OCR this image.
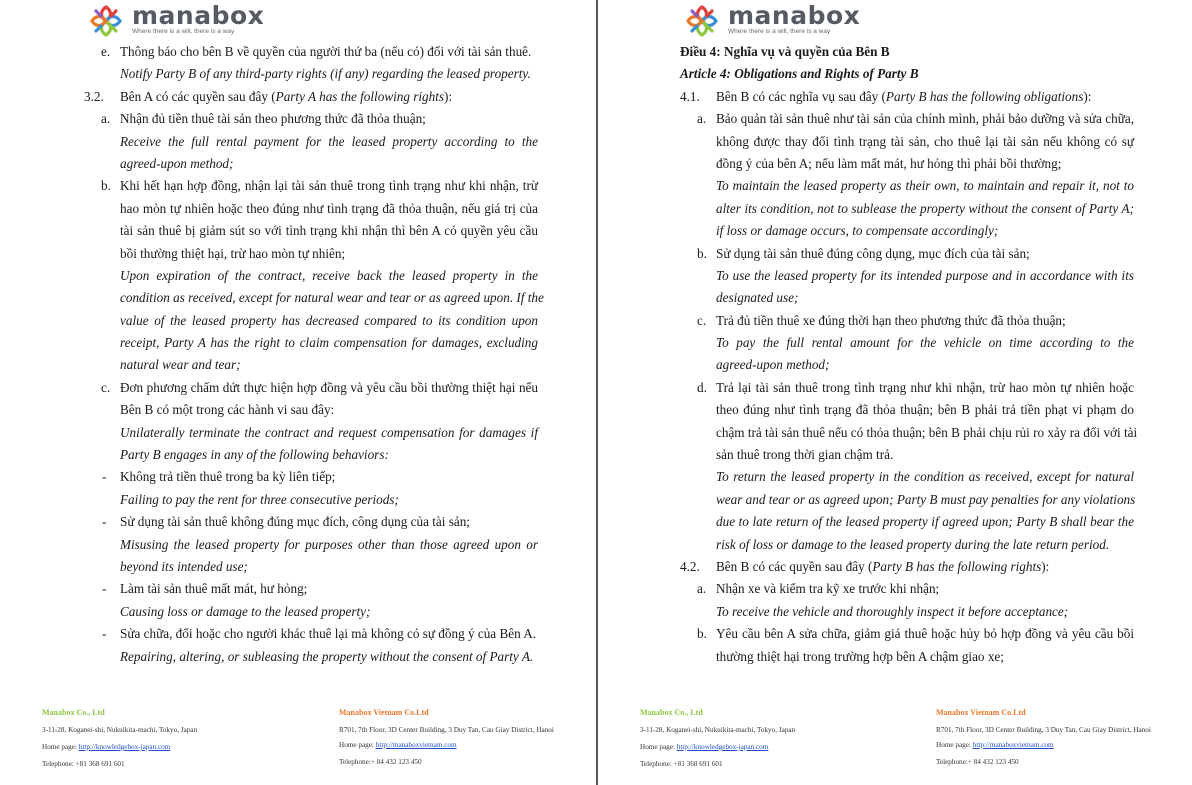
manabox
Where there is a will, there is a way
e. Thông báo cho bên B về quyền của người thứ ba (nếu có) đối với tài sản thuê.
Notify Party B of any third-party rights (if any) regarding the leased property.
3.2. Bên A có các quyền sau đây (Party A has the following rights):
a. Nhận đủ tiền thuê tài sản theo phương thức đã thỏa thuận;
Receive the full rental payment for the leased property according to the
agreed-upon method;
b. Khi hết hạn hợp đồng, nhận lại tài sản thuê trong tình trạng như khi nhận, trừ
hao mòn tự nhiên hoặc theo đúng như tình trạng đã thỏa thuận, nếu giá trị của
tài sản thuê bị giảm sút so với tình trạng khi nhận thì bên A có quyền yêu cầu
bồi thường thiệt hại, trừ hao mòn tự nhiên;
Upon expiration of the contract, receive back the leased property in the
condition as received, except for natural wear and tear or as agreed upon. If the
value of the leased property has decreased compared to its condition upon
receipt, Party A has the right to claim compensation for damages, excluding
natural wear and tear;
c. Đơn phương chấm dứt thực hiện hợp đồng và yêu cầu bồi thường thiệt hại nếu
Bên B có một trong các hành vi sau đây:
Unilaterally terminate the contract and request compensation for damages if
Party B engages in any of the following behaviors:
- Không trả tiền thuê trong ba kỳ liên tiếp;
Failing to pay the rent for three consecutive periods;
- Sử dụng tài sản thuê không đúng mục đích, công dụng của tài sản;
Misusing the leased property for purposes other than those agreed upon or
beyond its intended use;
- Làm tài sản thuê mất mát, hư hỏng;
Causing loss or damage to the leased property;
- Sửa chữa, đổi hoặc cho người khác thuê lại mà không có sự đồng ý của Bên A.
Repairing, altering, or subleasing the property without the consent of Party A.
Manabox Co., Ltd
3-11-28, Koganei-shi, Nukuikita-machi, Tokyo, Japan
Home page: http://knowledgebox-japan.com
Telephone: +81 368 691 601
Manabox Vietnam Co.Ltd
R701, 7th Floor, 3D Center Building, 3 Duy Tan, Cau Giay District, Hanoi
Home page: http://manaboxvietnam.com
Telephone:+ 84 432 123 450
manabox
Where there is a will, there is a way
Điều 4: Nghĩa vụ và quyền của Bên B
Article 4: Obligations and Rights of Party B
4.1. Bên B có các nghĩa vụ sau đây (Party B has the following obligations):
a. Bảo quản tài sản thuê như tài sản của chính mình, phải bảo dưỡng và sửa chữa,
không được thay đổi tình trạng tài sản, cho thuê lại tài sản nếu không có sự
đồng ý của bên A; nếu làm mất mát, hư hỏng thì phải bồi thường;
To maintain the leased property as their own, to maintain and repair it, not to
alter its condition, not to sublease the property without the consent of Party A;
if loss or damage occurs, to compensate accordingly;
b. Sử dụng tài sản thuê đúng công dụng, mục đích của tài sản;
To use the leased property for its intended purpose and in accordance with its
designated use;
c. Trả đủ tiền thuê xe đúng thời hạn theo phương thức đã thỏa thuận;
To pay the full rental amount for the vehicle on time according to the
agreed-upon method;
d. Trả lại tài sản thuê trong tình trạng như khi nhận, trừ hao mòn tự nhiên hoặc
theo đúng như tình trạng đã thỏa thuận; bên B phải trả tiền phạt vi phạm do
chậm trả tài sản thuê nếu có thỏa thuận; bên B phải chịu rủi ro xảy ra đối với tài
sản thuê trong thời gian chậm trả.
To return the leased property in the condition as received, except for natural
wear and tear or as agreed upon; Party B must pay penalties for any violations
due to late return of the leased property if agreed upon; Party B shall bear the
risk of loss or damage to the leased property during the late return period.
4.2. Bên B có các quyền sau đây (Party B has the following rights):
a. Nhận xe và kiểm tra kỹ xe trước khi nhận;
To receive the vehicle and thoroughly inspect it before acceptance;
b. Yêu cầu bên A sửa chữa, giảm giá thuê hoặc hủy bỏ hợp đồng và yêu cầu bồi
thường thiệt hại trong trường hợp bên A chậm giao xe;
Manabox Co., Ltd
3-11-28, Koganei-shi, Nukuikita-machi, Tokyo, Japan
Home page: http://knowledgebox-japan.com
Telephone: +81 368 691 601
Manabox Vietnam Co.Ltd
R701, 7th Floor, 3D Center Building, 3 Duy Tan, Cau Giay District, Hanoi
Home page: http://manaboxvietnam.com
Telephone:+ 84 432 123 450
